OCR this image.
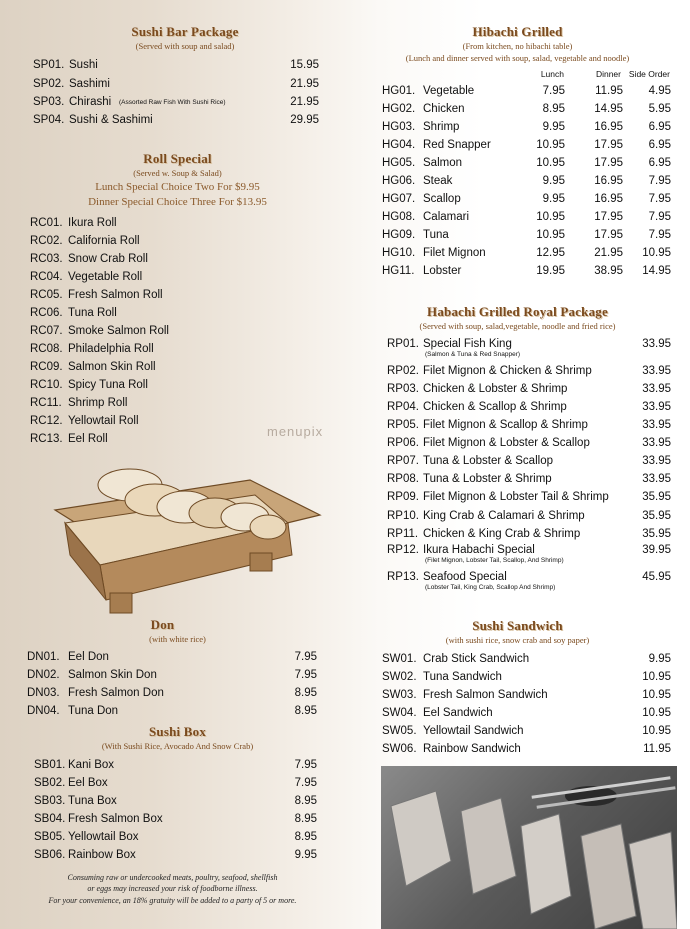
Sushi Bar Package
(Served with soup and salad)
SP01. Sushi	15.95
SP02. Sashimi	21.95
SP03. Chirashi (Assorted Raw Fish With Sushi Rice)	21.95
SP04. Sushi & Sashimi	29.95
Roll Special
(Served w. Soup & Salad)
Lunch Special Choice Two For $9.95
Dinner Special Choice Three For $13.95
RC01. Ikura Roll
RC02. California Roll
RC03. Snow Crab Roll
RC04. Vegetable Roll
RC05. Fresh Salmon Roll
RC06. Tuna Roll
RC07. Smoke Salmon Roll
RC08. Philadelphia Roll
RC09. Salmon Skin Roll
RC10. Spicy Tuna Roll
RC11. Shrimp Roll
RC12. Yellowtail Roll
RC13. Eel Roll
Don
(with white rice)
DN01. Eel Don	7.95
DN02. Salmon Skin Don	7.95
DN03. Fresh Salmon Don	8.95
DN04. Tuna Don	8.95
Sushi Box
(With Sushi Rice, Avocado And Snow Crab)
SB01. Kani Box	7.95
SB02. Eel Box	7.95
SB03. Tuna Box	8.95
SB04. Fresh Salmon Box	8.95
SB05. Yellowtail Box	8.95
SB06. Rainbow Box	9.95
Consuming raw or undercooked meats, poultry, seafood, shellfish
or eggs may increased your risk of foodborne illness.
For your convenience, an 18% gratuity will be added to a party of 5 or more.
menupix
Hibachi Grilled
(From kitchen, no hibachi table)
(Lunch and dinner served with soup, salad, vegetable and noodle)
Lunch	Dinner Side Order
HG01. Vegetable	7.95	11.95 4.95
HG02. Chicken	8.95	14.95 5.95
HG03. Shrimp	9.95	16.95 6.95
HG04. Red Snapper	10.95	17.95 6.95
HG05. Salmon	10.95	17.95 6.95
HG06. Steak	9.95	16.95 7.95
HG07. Scallop	9.95	16.95 7.95
HG08. Calamari	10.95	17.95 7.95
HG09. Tuna	10.95	17.95 7.95
HG10. Filet Mignon	12.95	21.95 10.95
HG11. Lobster	19.95	38.95 14.95
Habachi Grilled Royal Package
(Served with soup, salad,vegetable, noodle and fried rice)
RP01. Special Fish King	33.95
(Salmon & Tuna & Red Snapper)
RP02. Filet Mignon & Chicken & Shrimp	33.95
RP03. Chicken & Lobster & Shrimp	33.95
RP04. Chicken & Scallop & Shrimp	33.95
RP05. Filet Mignon & Scallop & Shrimp	33.95
RP06. Filet Mignon & Lobster & Scallop	33.95
RP07. Tuna & Lobster & Scallop	33.95
RP08. Tuna & Lobster & Shrimp	33.95
RP09. Filet Mignon & Lobster Tail & Shrimp	35.95
RP10. King Crab & Calamari & Shrimp	35.95
RP11. Chicken & King Crab & Shrimp	35.95
RP12. Ikura Habachi Special	39.95
(Filet Mignon, Lobster Tail, Scallop, And Shrimp)
RP13. Seafood Special	45.95
(Lobster Tail, King Crab, Scallop And Shrimp)
Sushi Sandwich
(with sushi rice, snow crab and soy paper)
SW01. Crab Stick Sandwich	9.95
SW02. Tuna Sandwich	10.95
SW03. Fresh Salmon Sandwich	10.95
SW04. Eel Sandwich	10.95
SW05. Yellowtail Sandwich	10.95
SW06. Rainbow Sandwich	11.95
